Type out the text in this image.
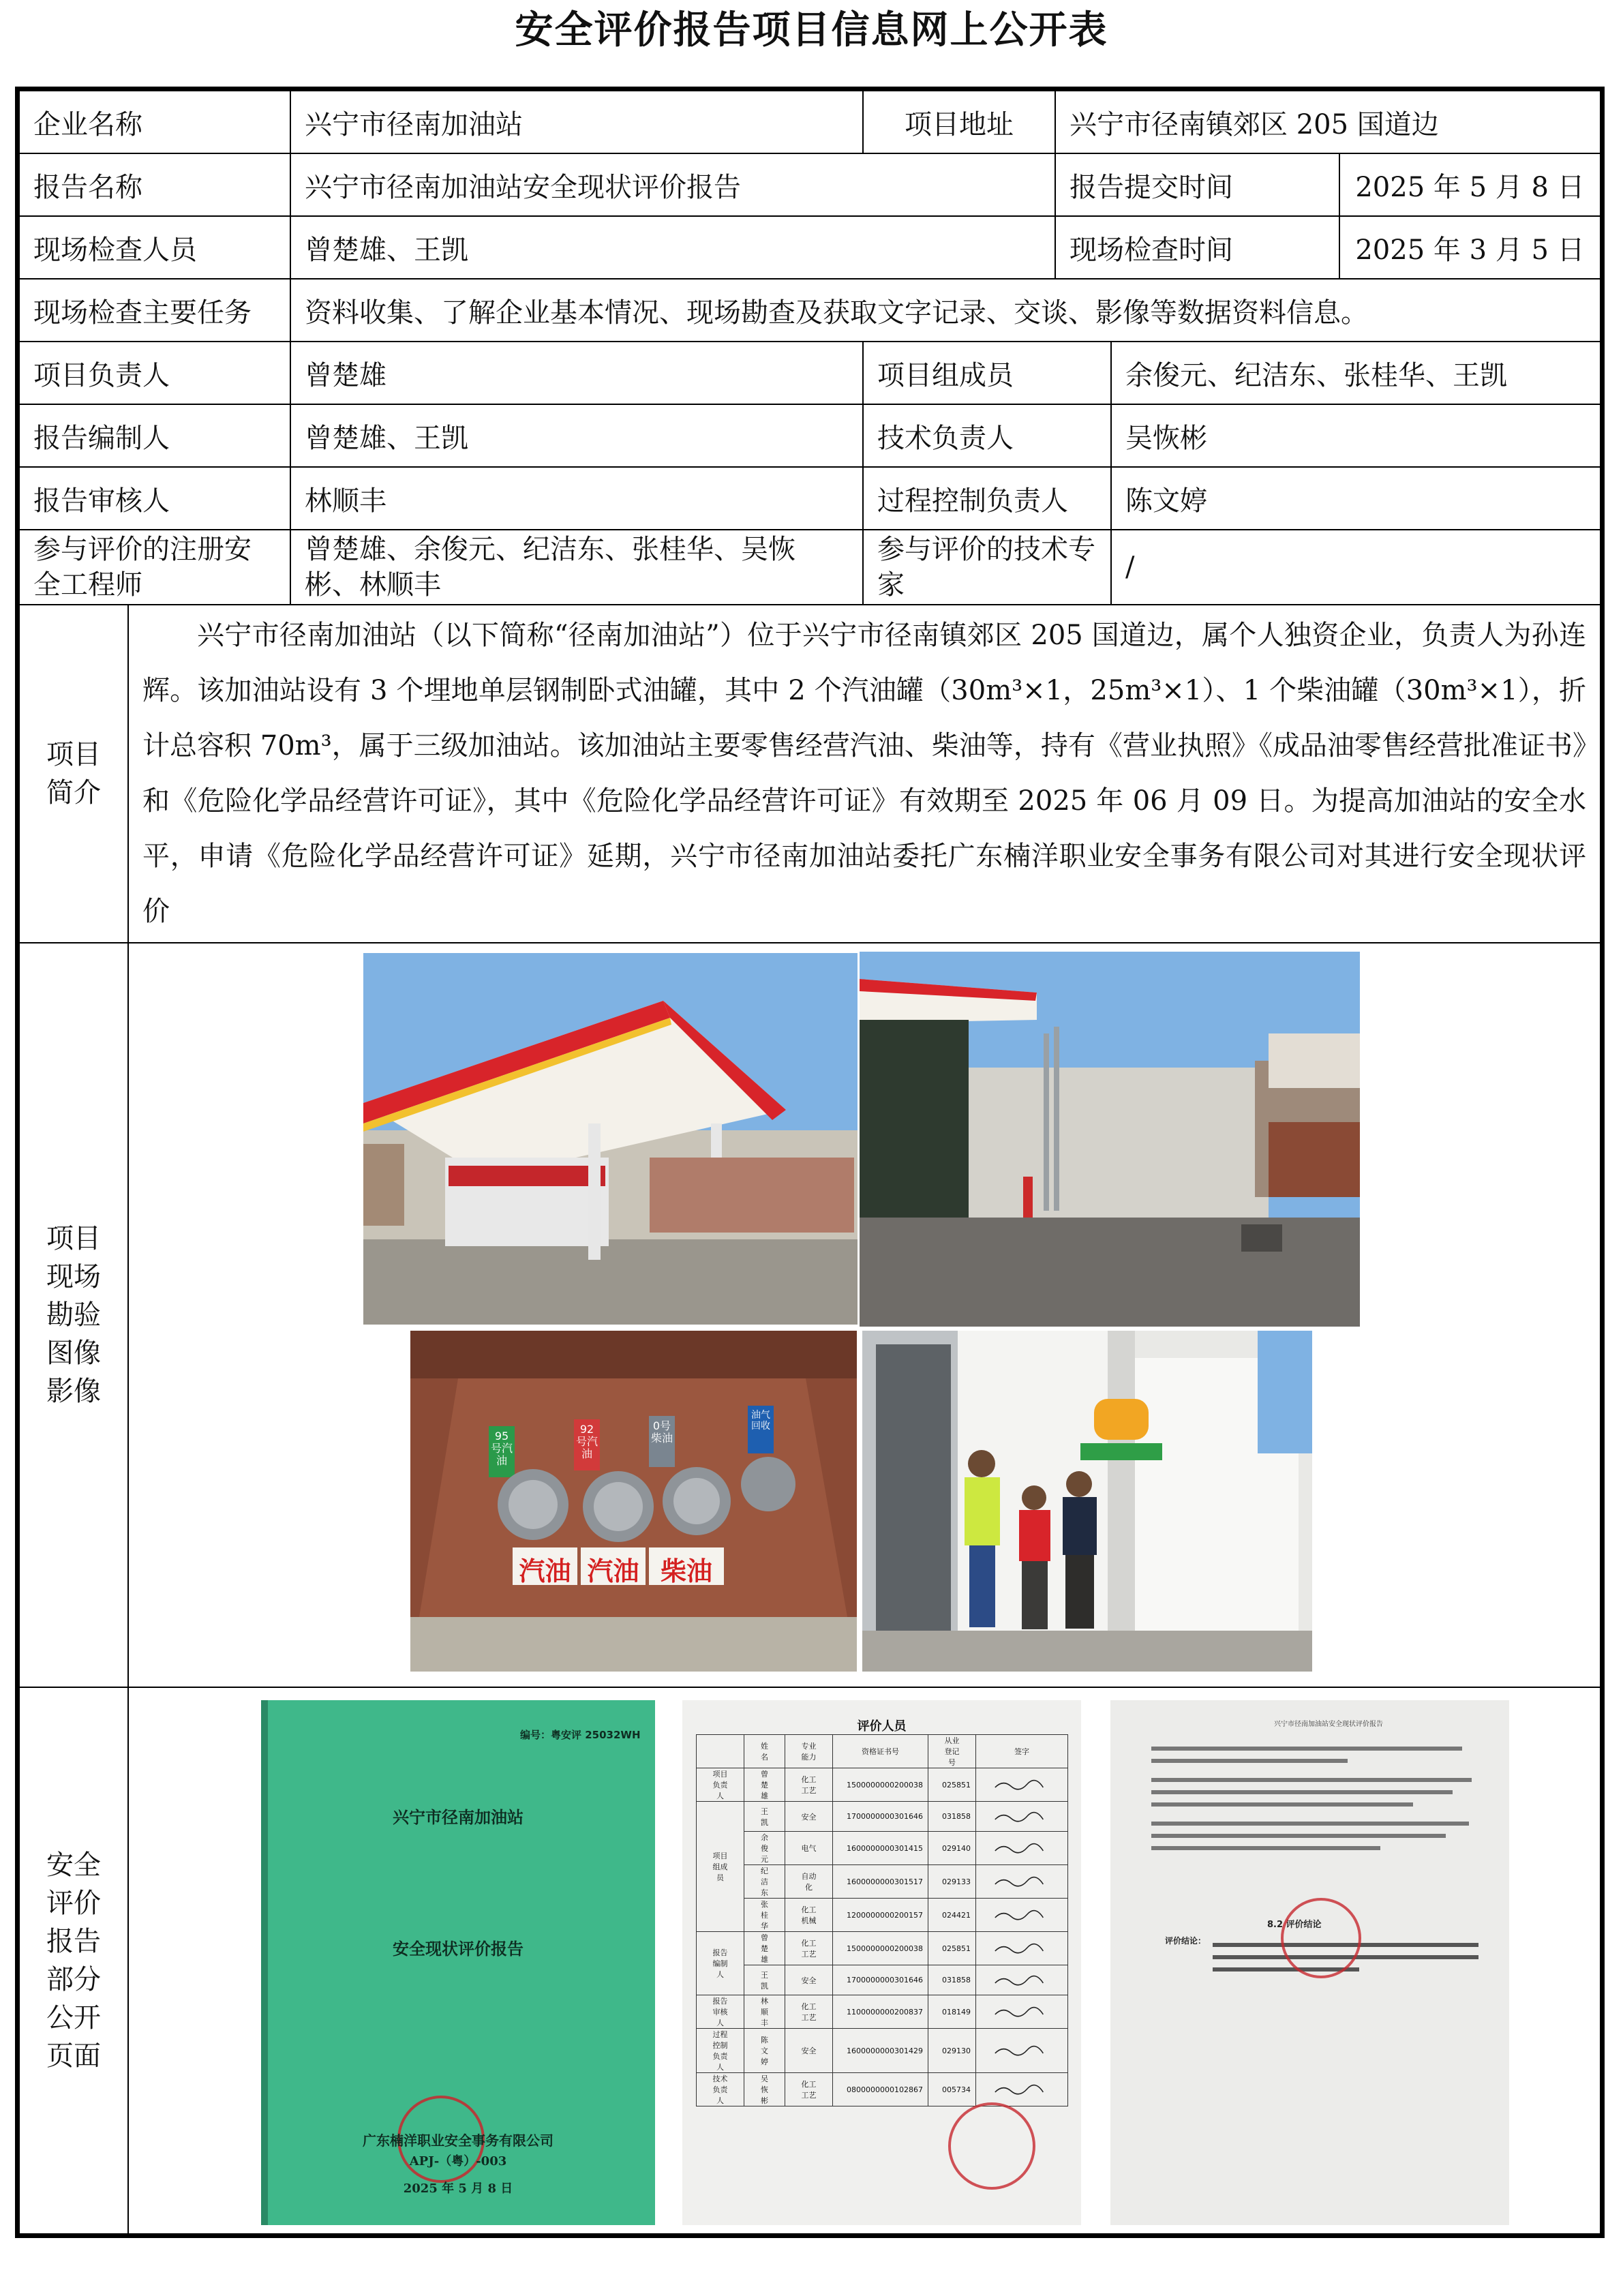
安全评价报告项目信息网上公开表
企业名称	兴宁市径南加油站	项目地址	兴宁市径南镇郊区 205 国道边
报告名称	兴宁市径南加油站安全现状评价报告	报告提交时间	2025 年 5 月 8 日
现场检查人员	曾楚雄、王凯	现场检查时间	2025 年 3 月 5 日
现场检查主要任务	资料收集、了解企业基本情况、现场勘查及获取文字记录、交谈、影像等数据资料信息。
项目负责人	曾楚雄	项目组成员	余俊元、纪洁东、张桂华、王凯
报告编制人	曾楚雄、王凯	技术负责人	吴恢彬
报告审核人	林顺丰	过程控制负责人	陈文婷
参与评价的注册安全工程师	曾楚雄、余俊元、纪洁东、张桂华、吴恢彬、林顺丰	参与评价的技术专家	/
项目简介	兴宁市径南加油站（以下简称“径南加油站”）位于兴宁市径南镇郊区 205 国道边，属个人独资企业，负责人为孙连辉。该加油站设有 3 个埋地单层钢制卧式油罐，其中 2 个汽油罐（30m³×1，25m³×1）、1 个柴油罐（30m³×1），折计总容积 70m³，属于三级加油站。该加油站主要零售经营汽油、柴油等，持有《营业执照》《成品油零售经营批准证书》和《危险化学品经营许可证》，其中《危险化学品经营许可证》有效期至 2025 年 06 月 09 日。为提高加油站的安全水平，申请《危险化学品经营许可证》延期，兴宁市径南加油站委托广东楠洋职业安全事务有限公司对其进行安全现状评价
项目现场勘验图像影像	
95号汽油
92号汽油
0号柴油
油气回收
汽油 汽油 柴油

安全评价报告部分公开页面	
编号：粤安评 25032WH
兴宁市径南加油站
安全现状评价报告
广东楠洋职业安全事务有限公司
APJ-（粤）-003
2025 年 5 月 8 日
评价人员
	姓名	专业能力	资格证书号	从业登记号	签字
项目负责人	曾楚雄	化工工艺	1500000000200038	025851	

项目组成员	王 凯	安全	1700000000301646	031858	

余俊元	电气	1600000000301415	029140	

纪洁东	自动化	1600000000301517	029133	

张桂华	化工机械	1200000000200157	024421	

报告编制人	曾楚雄	化工工艺	1500000000200038	025851	

王 凯	安全	1700000000301646	031858	

报告审核人	林顺丰	化工工艺	1100000000200837	018149	

过程控制负责人	陈文婷	安全	1600000000301429	029130	

技术负责人	吴恢彬	化工工艺	0800000000102867	005734	
兴宁市径南加油站安全现状评价报告
8.2 评价结论
评价结论：
